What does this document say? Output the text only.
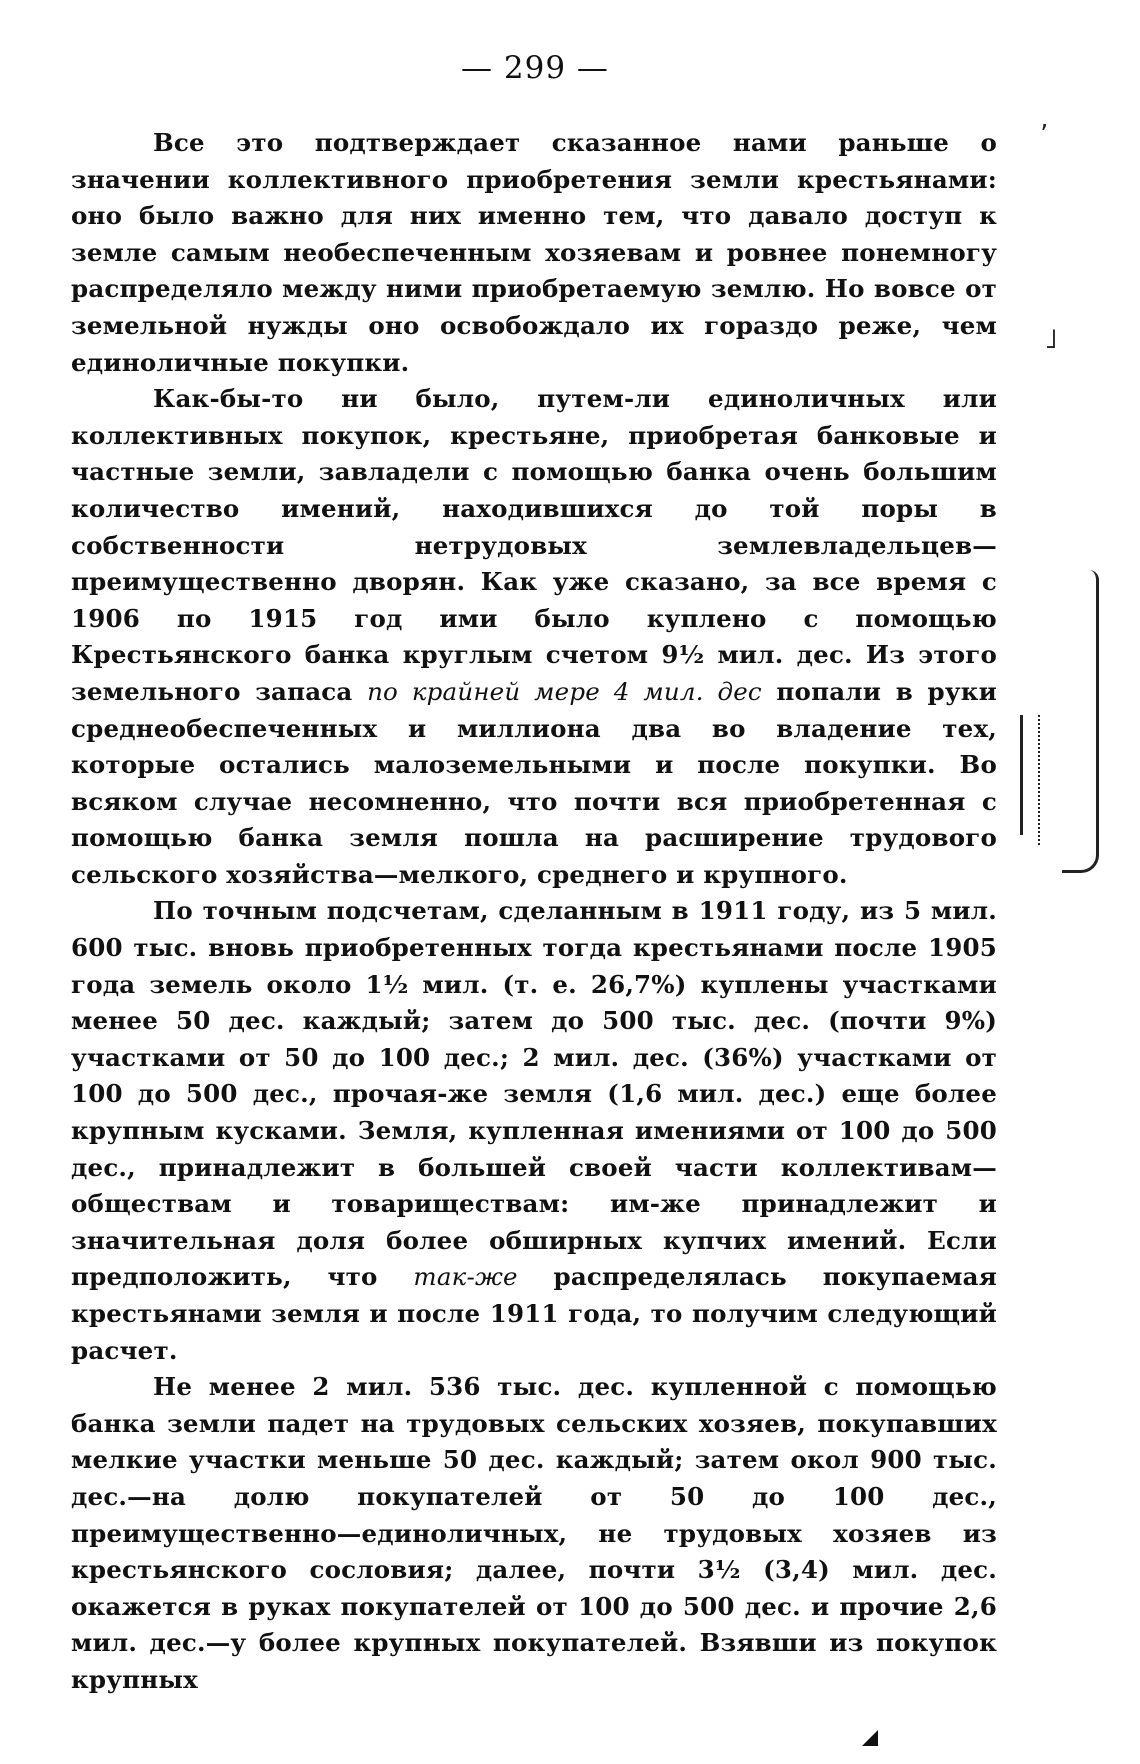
— 299 —

Все это подтверждает сказанное нами раньше о значении коллективного приобретения земли крестьянами: оно было важно для них именно тем, что давало доступ к земле самым необеспеченным хозяевам и ровнее понемногу распределяло между ними приобретаемую землю. Но вовсе от земельной нужды оно освобождало их гораздо реже, чем единоличные покупки.

Как-бы-то ни было, путем-ли единоличных или коллективных покупок, крестьяне, приобретая банковые и частные земли, завладели с помощью банка очень большим количество имений, находившихся до той поры в собственности нетрудовых землевладельцев—преимущественно дворян. Как уже сказано, за все время с 1906 по 1915 год ими было куплено с помощью Крестьянского банка круглым счетом 9½ мил. дес. Из этого земельного запаса по крайней мере 4 мил. дес попали в руки среднеобеспеченных и миллиона два во владение тех, которые остались малоземельными и после покупки. Во всяком случае несомненно, что почти вся приобретенная с помощью банка земля пошла на расширение трудового сельского хозяйства—мелкого, среднего и крупного.

По точным подсчетам, сделанным в 1911 году, из 5 мил. 600 тыс. вновь приобретенных тогда крестьянами после 1905 года земель около 1½ мил. (т. е. 26,7%) куплены участками менее 50 дес. каждый; затем до 500 тыс. дес. (почти 9%) участками от 50 до 100 дес.; 2 мил. дес. (36%) участками от 100 до 500 дес., прочая-же земля (1,6 мил. дес.) еще более крупным кусками. Земля, купленная имениями от 100 до 500 дес., принадлежит в большей своей части коллективам—обществам и товариществам: им-же принадлежит и значительная доля более обширных купчих имений. Если предположить, что так-же распределялась покупаемая крестьянами земля и после 1911 года, то получим следующий расчет.

Не менее 2 мил. 536 тыс. дес. купленной с помощью банка земли падет на трудовых сельских хозяев, покупавших мелкие участки меньше 50 дес. каждый; затем окол 900 тыс. дес.—на долю покупателей от 50 до 100 дес., преимущественно—единоличных, не трудовых хозяев из крестьянского сословия; далее, почти 3½ (3,4) мил. дес. окажется в руках покупателей от 100 до 500 дес. и прочие 2,6 мил. дес.—у более крупных покупателей. Взявши из покупок крупных

ʼ
˩
